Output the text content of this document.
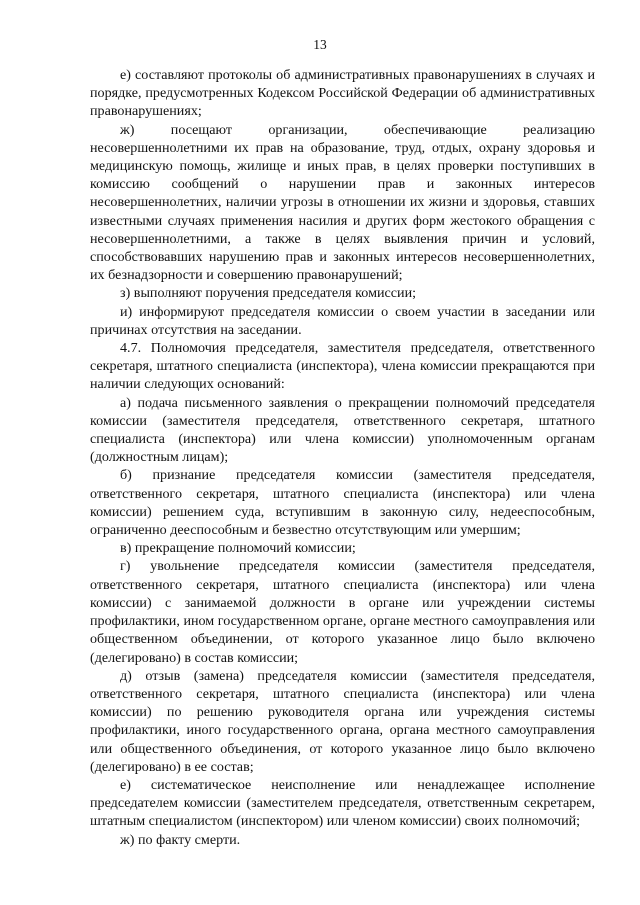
13

е) составляют протоколы об административных правонарушениях в случаях и порядке, предусмотренных Кодексом Российской Федерации об административных правонарушениях;

ж) посещают организации, обеспечивающие реализацию несовершеннолетними их прав на образование, труд, отдых, охрану здоровья и медицинскую помощь, жилище и иных прав, в целях проверки поступивших в комиссию сообщений о нарушении прав и законных интересов несовершеннолетних, наличии угрозы в отношении их жизни и здоровья, ставших известными случаях применения насилия и других форм жестокого обращения с несовершеннолетними, а также в целях выявления причин и условий, способствовавших нарушению прав и законных интересов несовершеннолетних, их безнадзорности и совершению правонарушений;

з) выполняют поручения председателя комиссии;

и) информируют председателя комиссии о своем участии в заседании или причинах отсутствия на заседании.

4.7. Полномочия председателя, заместителя председателя, ответственного секретаря, штатного специалиста (инспектора), члена комиссии прекращаются при наличии следующих оснований:

а) подача письменного заявления о прекращении полномочий председателя комиссии (заместителя председателя, ответственного секретаря, штатного специалиста (инспектора) или члена комиссии) уполномоченным органам (должностным лицам);

б) признание председателя комиссии (заместителя председателя, ответственного секретаря, штатного специалиста (инспектора) или члена комиссии) решением суда, вступившим в законную силу, недееспособным, ограниченно дееспособным и безвестно отсутствующим или умершим;

в) прекращение полномочий комиссии;

г) увольнение председателя комиссии (заместителя председателя, ответственного секретаря, штатного специалиста (инспектора) или члена комиссии) с занимаемой должности в органе или учреждении системы профилактики, ином государственном органе, органе местного самоуправления или общественном объединении, от которого указанное лицо было включено (делегировано) в состав комиссии;

д) отзыв (замена) председателя комиссии (заместителя председателя, ответственного секретаря, штатного специалиста (инспектора) или члена комиссии) по решению руководителя органа или учреждения системы профилактики, иного государственного органа, органа местного самоуправления или общественного объединения, от которого указанное лицо было включено (делегировано) в ее состав;

е) систематическое неисполнение или ненадлежащее исполнение председателем комиссии (заместителем председателя, ответственным секретарем, штатным специалистом (инспектором) или членом комиссии) своих полномочий;

ж) по факту смерти.
